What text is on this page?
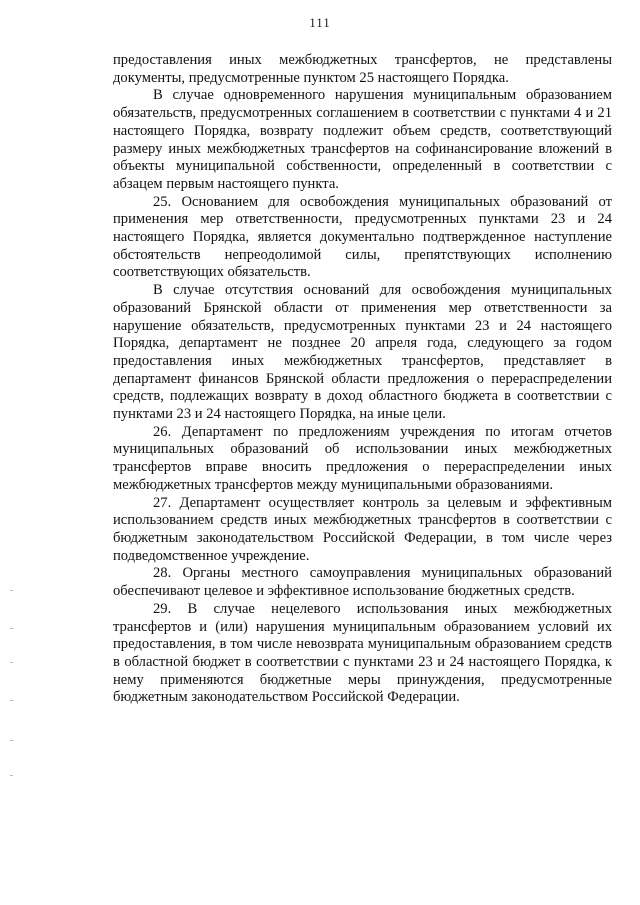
111

предоставления иных межбюджетных трансфертов, не представлены документы, предусмотренные пунктом 25 настоящего Порядка.

В случае одновременного нарушения муниципальным образованием обязательств, предусмотренных соглашением в соответствии с пунктами 4 и 21 настоящего Порядка, возврату подлежит объем средств, соответствующий размеру иных межбюджетных трансфертов на софинансирование вложений в объекты муниципальной собственности, определенный в соответствии с абзацем первым настоящего пункта.

25. Основанием для освобождения муниципальных образований от применения мер ответственности, предусмотренных пунктами 23 и 24 настоящего Порядка, является документально подтвержденное наступление обстоятельств непреодолимой силы, препятствующих исполнению соответствующих обязательств.

В случае отсутствия оснований для освобождения муниципальных образований Брянской области от применения мер ответственности за нарушение обязательств, предусмотренных пунктами 23 и 24 настоящего Порядка, департамент не позднее 20 апреля года, следующего за годом предоставления иных межбюджетных трансфертов, представляет в департамент финансов Брянской области предложения о перераспределении средств, подлежащих возврату в доход областного бюджета в соответствии с пунктами 23 и 24 настоящего Порядка, на иные цели.

26. Департамент по предложениям учреждения по итогам отчетов муниципальных образований об использовании иных межбюджетных трансфертов вправе вносить предложения о перераспределении иных межбюджетных трансфертов между муниципальными образованиями.

27. Департамент осуществляет контроль за целевым и эффективным использованием средств иных межбюджетных трансфертов в соответствии с бюджетным законодательством Российской Федерации, в том числе через подведомственное учреждение.

28. Органы местного самоуправления муниципальных образований обеспечивают целевое и эффективное использование бюджетных средств.

29. В случае нецелевого использования иных межбюджетных трансфертов и (или) нарушения муниципальным образованием условий их предоставления, в том числе невозврата муниципальным образованием средств в областной бюджет в соответствии с пунктами 23 и 24 настоящего Порядка, к нему применяются бюджетные меры принуждения, предусмотренные бюджетным законодательством Российской Федерации.
